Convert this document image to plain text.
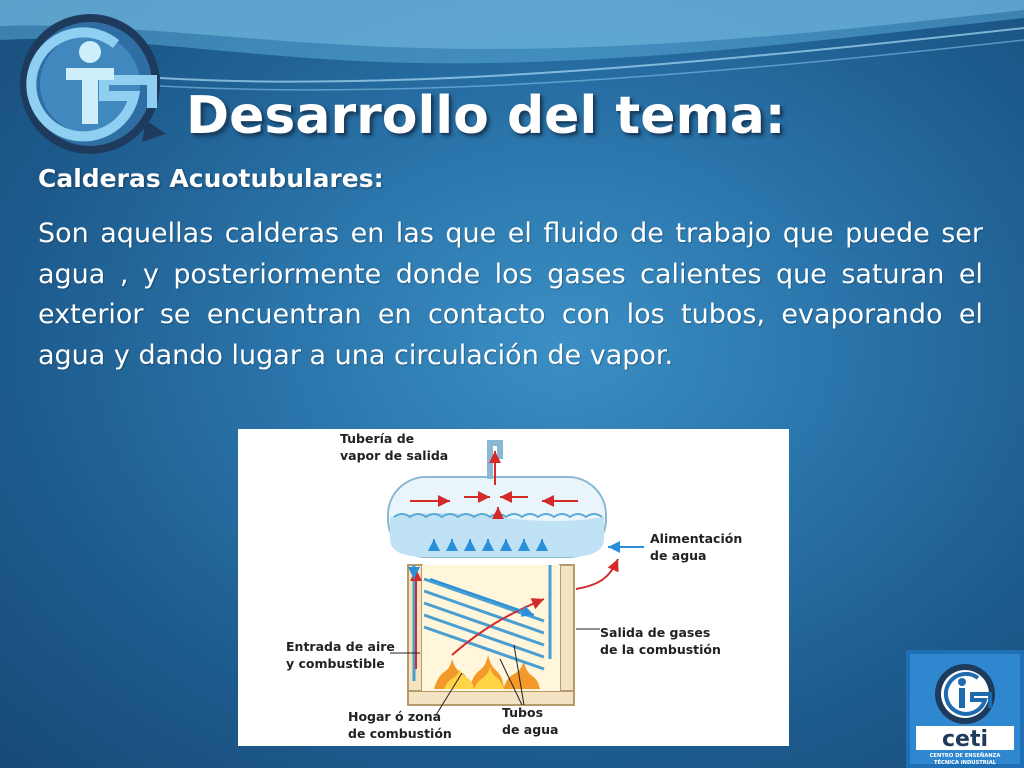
Desarrollo del tema:
Calderas Acuotubulares:

Son aquellas calderas en las que el fluido de trabajo que puede ser agua , y posteriormente donde los gases calientes que saturan el exterior se encuentran en contacto con los tubos, evaporando el agua y dando lugar a una circulación de vapor.

Tubería de vapor de salida
Alimentación de agua
Entrada de aire y combustible
Salida de gases de la combustión
Hogar ó zona de combustión
Tubos de agua	ceti
CENTRO DE ENSEÑANZA
TÉCNICA INDUSTRIAL
